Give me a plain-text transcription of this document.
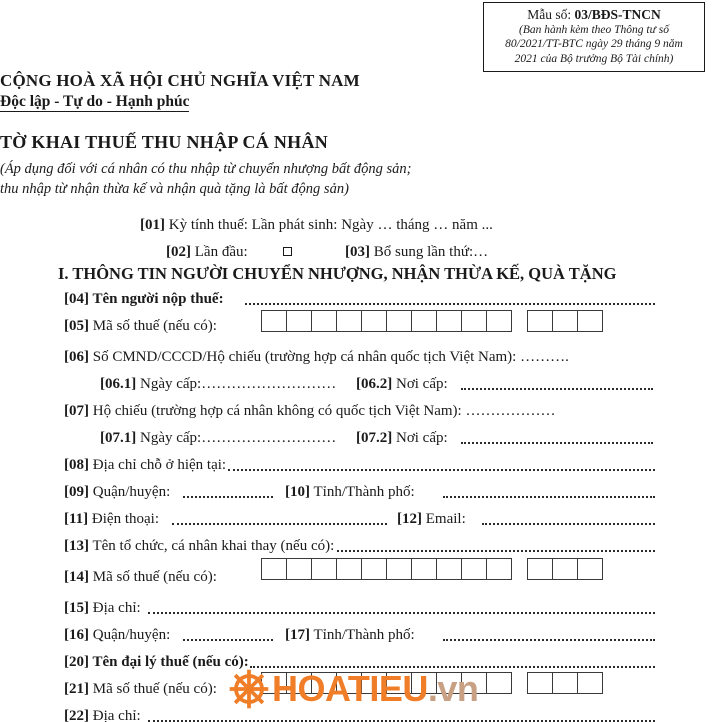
Mẫu số: 03/BĐS-TNCN
(Ban hành kèm theo Thông tư số
80/2021/TT-BTC ngày 29 tháng 9 năm
2021 của Bộ trưởng Bộ Tài chính)
CỘNG HOÀ XÃ HỘI CHỦ NGHĨA VIỆT NAM
Độc lập - Tự do - Hạnh phúc
TỜ KHAI THUẾ THU NHẬP CÁ NHÂN
(Áp dụng đối với cá nhân có thu nhập từ chuyển nhượng bất động sản;
thu nhập từ nhận thừa kế và nhận quà tặng là bất động sản)
[01] Kỳ tính thuế: Lần phát sinh: Ngày … tháng … năm ...
[02] Lần đầu:	[03] Bổ sung lần thứ:…
I. THÔNG TIN NGƯỜI CHUYỂN NHƯỢNG, NHẬN THỪA KẾ, QUÀ TẶNG
[04] Tên người nộp thuế:
[05] Mã số thuế (nếu có):
[06] Số CMND/CCCD/Hộ chiếu (trường hợp cá nhân quốc tịch Việt Nam): ……….
[06.1] Ngày cấp:……………………… [06.2] Nơi cấp:
[07] Hộ chiếu (trường hợp cá nhân không có quốc tịch Việt Nam): ………………
[07.1] Ngày cấp:……………………… [07.2] Nơi cấp:
[08] Địa chỉ chỗ ở hiện tại:
[09] Quận/huyện:	[10] Tỉnh/Thành phố:
[11] Điện thoại:	[12] Email:
[13] Tên tổ chức, cá nhân khai thay (nếu có):
[14] Mã số thuế (nếu có):
[15] Địa chỉ:
[16] Quận/huyện:	[17] Tỉnh/Thành phố:
[20] Tên đại lý thuế (nếu có):
[21] Mã số thuế (nếu có):
[22] Địa chỉ:
HOATIEU.vn
